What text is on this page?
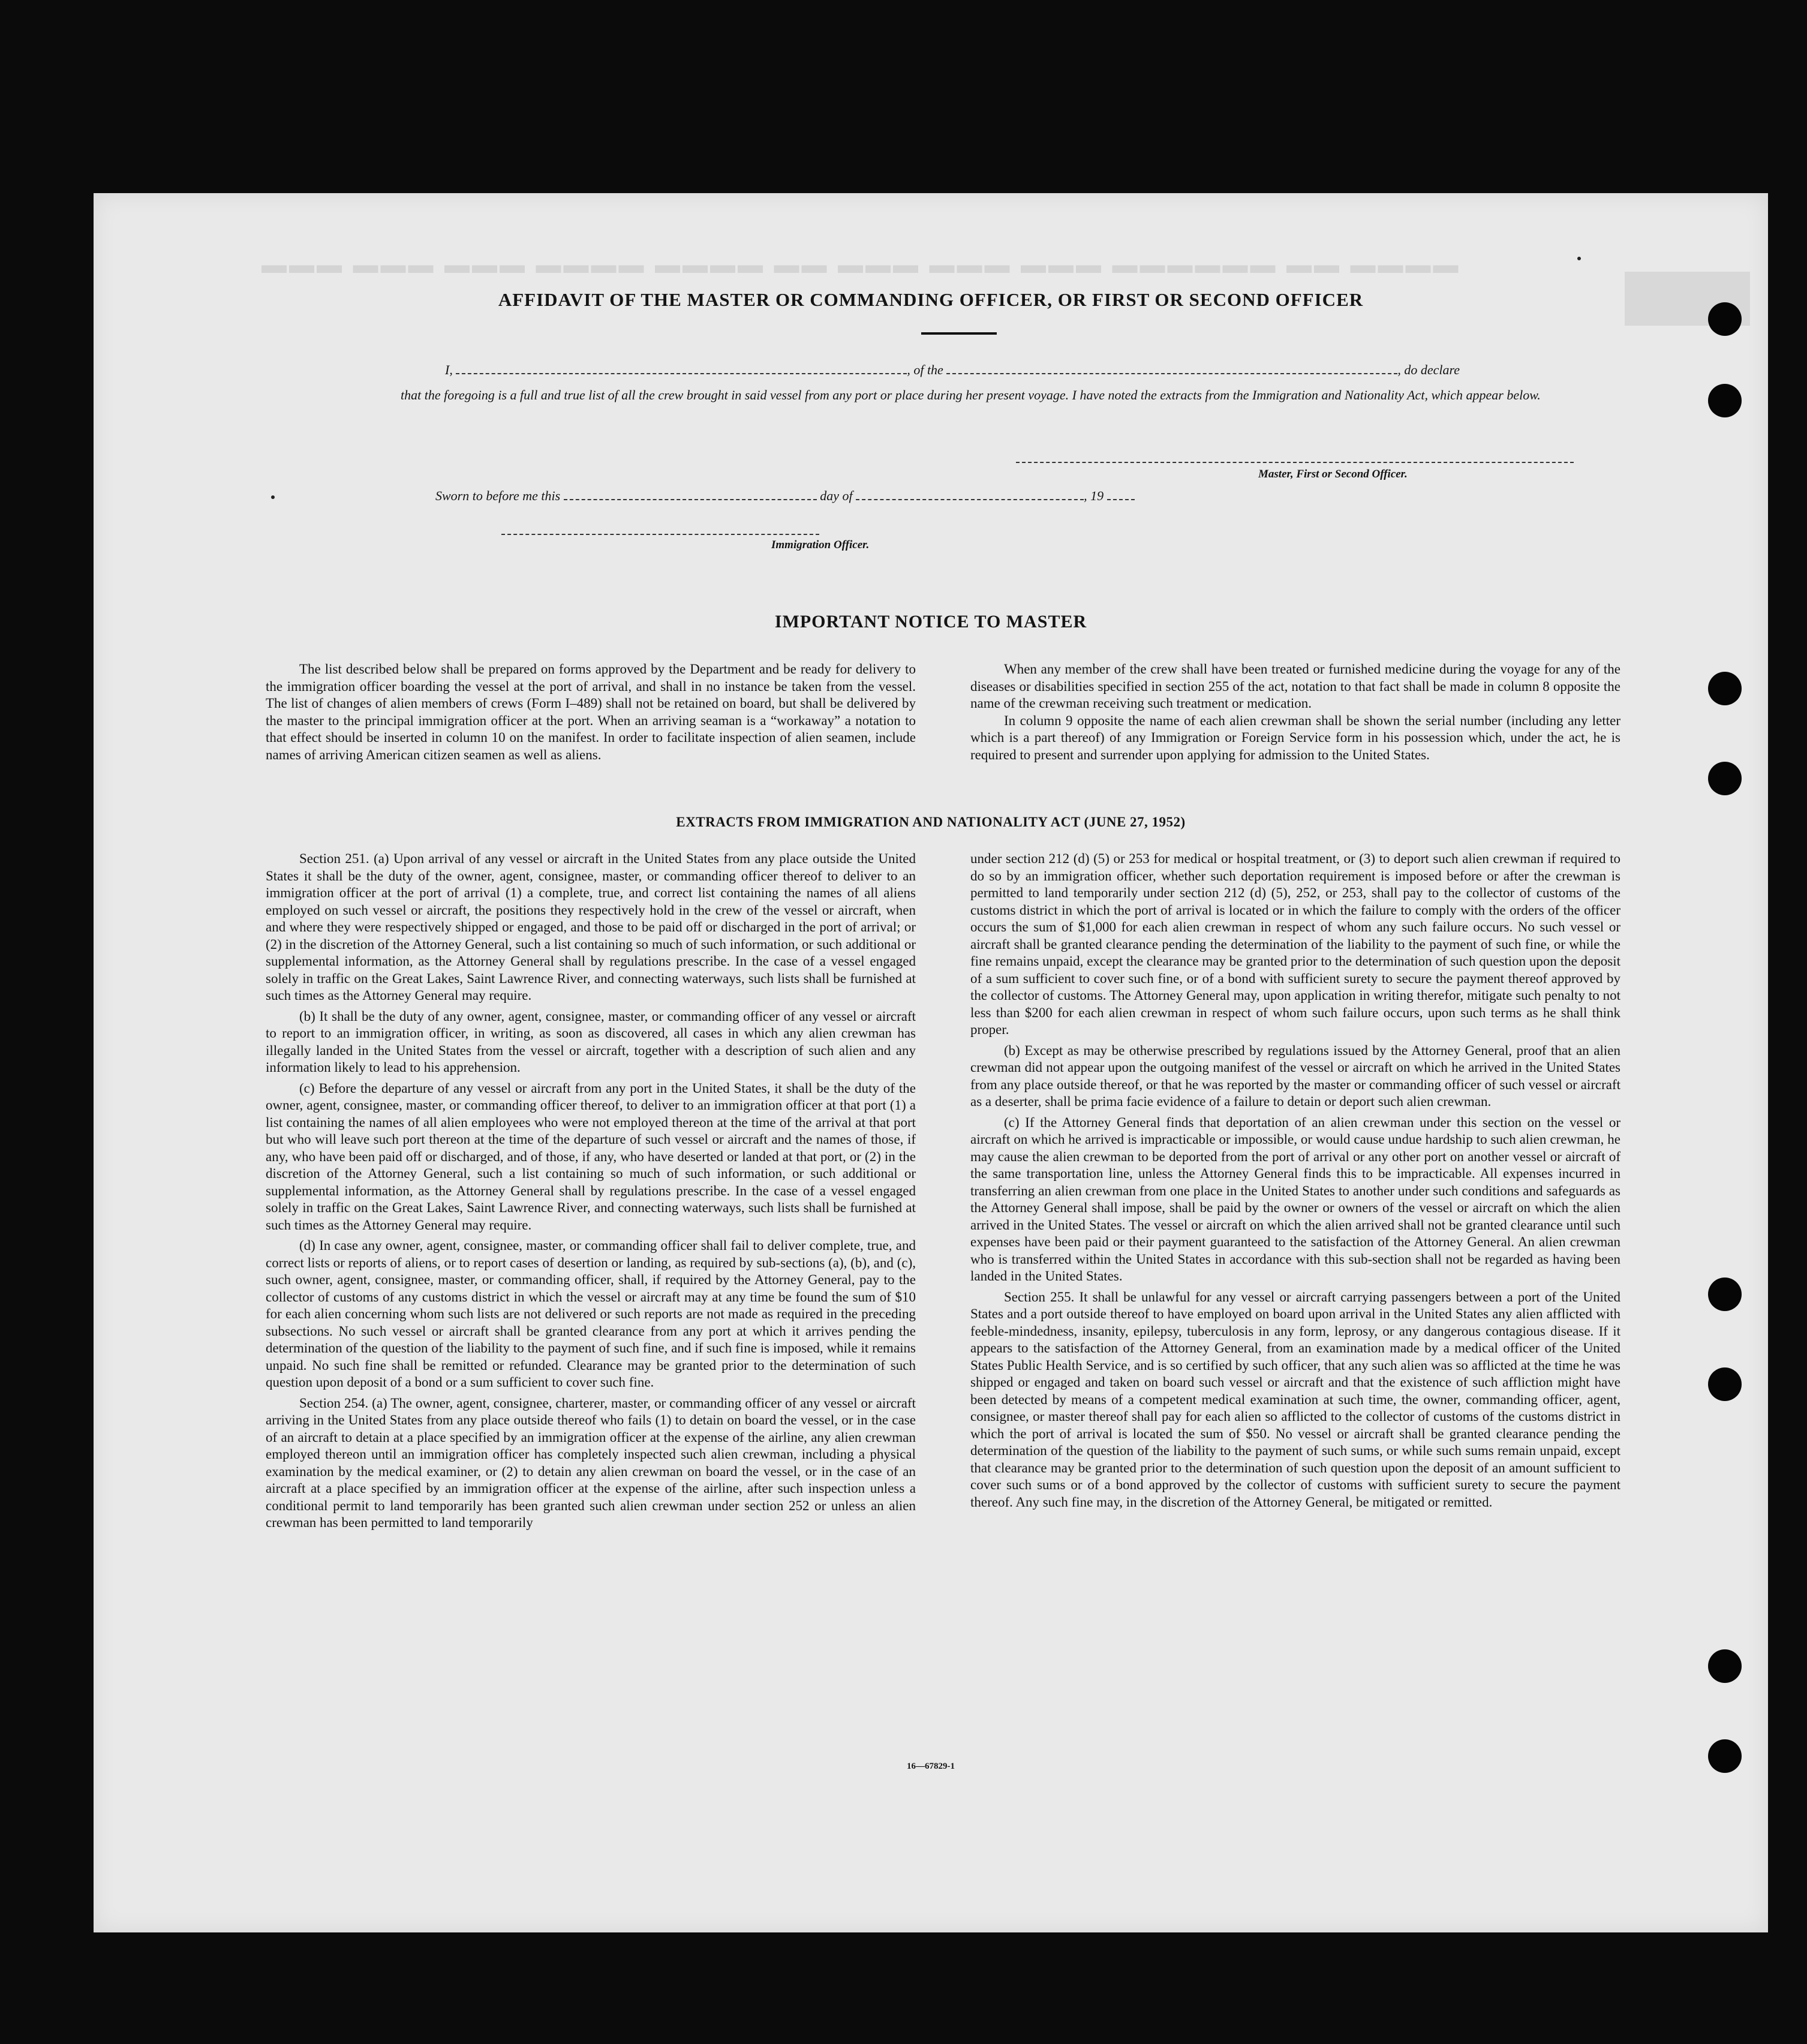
▬▬▬ ▬▬▬ ▬▬▬ ▬▬▬▬ ▬▬▬▬ ▬▬ ▬▬▬ ▬▬▬ ▬▬▬ ▬▬▬▬▬▬ ▬▬ ▬▬▬▬
AFFIDAVIT OF THE MASTER OR COMMANDING OFFICER, OR FIRST OR SECOND OFFICER
I,	, of the	, do declare
that the foregoing is a full and true list of all the crew brought in said vessel from any port or place during her present voyage. I have noted the extracts from the Immigration and Nationality Act, which appear below.
Master, First or Second Officer.
Sworn to before me this	day of	, 19
Immigration Officer.
IMPORTANT NOTICE TO MASTER

The list described below shall be prepared on forms approved by the Department and be ready for delivery to the immigration officer boarding the vessel at the port of arrival, and shall in no instance be taken from the vessel. The list of changes of alien members of crews (Form I–489) shall not be retained on board, but shall be delivered by the master to the principal immigration officer at the port. When an arriving seaman is a “workaway” a notation to that effect should be inserted in column 10 on the manifest. In order to facilitate inspection of alien seamen, include names of arriving American citizen seamen as well as aliens.

When any member of the crew shall have been treated or furnished medicine during the voyage for any of the diseases or disabilities specified in section 255 of the act, notation to that fact shall be made in column 8 opposite the name of the crewman receiving such treatment or medication.

In column 9 opposite the name of each alien crewman shall be shown the serial number (including any letter which is a part thereof) of any Immigration or Foreign Service form in his possession which, under the act, he is required to present and surrender upon applying for admission to the United States.

EXTRACTS FROM IMMIGRATION AND NATIONALITY ACT (JUNE 27, 1952)

Section 251. (a) Upon arrival of any vessel or aircraft in the United States from any place outside the United States it shall be the duty of the owner, agent, consignee, master, or commanding officer thereof to deliver to an immigration officer at the port of arrival (1) a complete, true, and correct list containing the names of all aliens employed on such vessel or aircraft, the positions they respectively hold in the crew of the vessel or aircraft, when and where they were respectively shipped or engaged, and those to be paid off or discharged in the port of arrival; or (2) in the discretion of the Attorney General, such a list containing so much of such information, or such additional or supplemental information, as the Attorney General shall by regulations prescribe. In the case of a vessel engaged solely in traffic on the Great Lakes, Saint Lawrence River, and connecting waterways, such lists shall be furnished at such times as the Attorney General may require.

(b) It shall be the duty of any owner, agent, consignee, master, or commanding officer of any vessel or aircraft to report to an immigration officer, in writing, as soon as discovered, all cases in which any alien crewman has illegally landed in the United States from the vessel or aircraft, together with a description of such alien and any information likely to lead to his apprehension.

(c) Before the departure of any vessel or aircraft from any port in the United States, it shall be the duty of the owner, agent, consignee, master, or commanding officer thereof, to deliver to an immigration officer at that port (1) a list containing the names of all alien employees who were not employed thereon at the time of the arrival at that port but who will leave such port thereon at the time of the departure of such vessel or aircraft and the names of those, if any, who have been paid off or discharged, and of those, if any, who have deserted or landed at that port, or (2) in the discretion of the Attorney General, such a list containing so much of such information, or such additional or supplemental information, as the Attorney General shall by regulations prescribe. In the case of a vessel engaged solely in traffic on the Great Lakes, Saint Lawrence River, and connecting waterways, such lists shall be furnished at such times as the Attorney General may require.

(d) In case any owner, agent, consignee, master, or commanding officer shall fail to deliver complete, true, and correct lists or reports of aliens, or to report cases of desertion or landing, as required by sub-sections (a), (b), and (c), such owner, agent, consignee, master, or commanding officer, shall, if required by the Attorney General, pay to the collector of customs of any customs district in which the vessel or aircraft may at any time be found the sum of $10 for each alien concerning whom such lists are not delivered or such reports are not made as required in the preceding subsections. No such vessel or aircraft shall be granted clearance from any port at which it arrives pending the determination of the question of the liability to the payment of such fine, and if such fine is imposed, while it remains unpaid. No such fine shall be remitted or refunded. Clearance may be granted prior to the determination of such question upon deposit of a bond or a sum sufficient to cover such fine.

Section 254. (a) The owner, agent, consignee, charterer, master, or commanding officer of any vessel or aircraft arriving in the United States from any place outside thereof who fails (1) to detain on board the vessel, or in the case of an aircraft to detain at a place specified by an immigration officer at the expense of the airline, any alien crewman employed thereon until an immigration officer has completely inspected such alien crewman, including a physical examination by the medical examiner, or (2) to detain any alien crewman on board the vessel, or in the case of an aircraft at a place specified by an immigration officer at the expense of the airline, after such inspection unless a conditional permit to land temporarily has been granted such alien crewman under section 252 or unless an alien crewman has been permitted to land temporarily

under section 212 (d) (5) or 253 for medical or hospital treatment, or (3) to deport such alien crewman if required to do so by an immigration officer, whether such deportation requirement is imposed before or after the crewman is permitted to land temporarily under section 212 (d) (5), 252, or 253, shall pay to the collector of customs of the customs district in which the port of arrival is located or in which the failure to comply with the orders of the officer occurs the sum of $1,000 for each alien crewman in respect of whom any such failure occurs. No such vessel or aircraft shall be granted clearance pending the determination of the liability to the payment of such fine, or while the fine remains unpaid, except the clearance may be granted prior to the determination of such question upon the deposit of a sum sufficient to cover such fine, or of a bond with sufficient surety to secure the payment thereof approved by the collector of customs. The Attorney General may, upon application in writing therefor, mitigate such penalty to not less than $200 for each alien crewman in respect of whom such failure occurs, upon such terms as he shall think proper.

(b) Except as may be otherwise prescribed by regulations issued by the Attorney General, proof that an alien crewman did not appear upon the outgoing manifest of the vessel or aircraft on which he arrived in the United States from any place outside thereof, or that he was reported by the master or commanding officer of such vessel or aircraft as a deserter, shall be prima facie evidence of a failure to detain or deport such alien crewman.

(c) If the Attorney General finds that deportation of an alien crewman under this section on the vessel or aircraft on which he arrived is impracticable or impossible, or would cause undue hardship to such alien crewman, he may cause the alien crewman to be deported from the port of arrival or any other port on another vessel or aircraft of the same transportation line, unless the Attorney General finds this to be impracticable. All expenses incurred in transferring an alien crewman from one place in the United States to another under such conditions and safeguards as the Attorney General shall impose, shall be paid by the owner or owners of the vessel or aircraft on which the alien arrived in the United States. The vessel or aircraft on which the alien arrived shall not be granted clearance until such expenses have been paid or their payment guaranteed to the satisfaction of the Attorney General. An alien crewman who is transferred within the United States in accordance with this sub-section shall not be regarded as having been landed in the United States.

Section 255. It shall be unlawful for any vessel or aircraft carrying passengers between a port of the United States and a port outside thereof to have employed on board upon arrival in the United States any alien afflicted with feeble-mindedness, insanity, epilepsy, tuberculosis in any form, leprosy, or any dangerous contagious disease. If it appears to the satisfaction of the Attorney General, from an examination made by a medical officer of the United States Public Health Service, and is so certified by such officer, that any such alien was so afflicted at the time he was shipped or engaged and taken on board such vessel or aircraft and that the existence of such affliction might have been detected by means of a competent medical examination at such time, the owner, commanding officer, agent, consignee, or master thereof shall pay for each alien so afflicted to the collector of customs of the customs district in which the port of arrival is located the sum of $50. No vessel or aircraft shall be granted clearance pending the determination of the question of the liability to the payment of such sums, or while such sums remain unpaid, except that clearance may be granted prior to the determination of such question upon the deposit of an amount sufficient to cover such sums or of a bond approved by the collector of customs with sufficient surety to secure the payment thereof. Any such fine may, in the discretion of the Attorney General, be mitigated or remitted.

16—67829-1
